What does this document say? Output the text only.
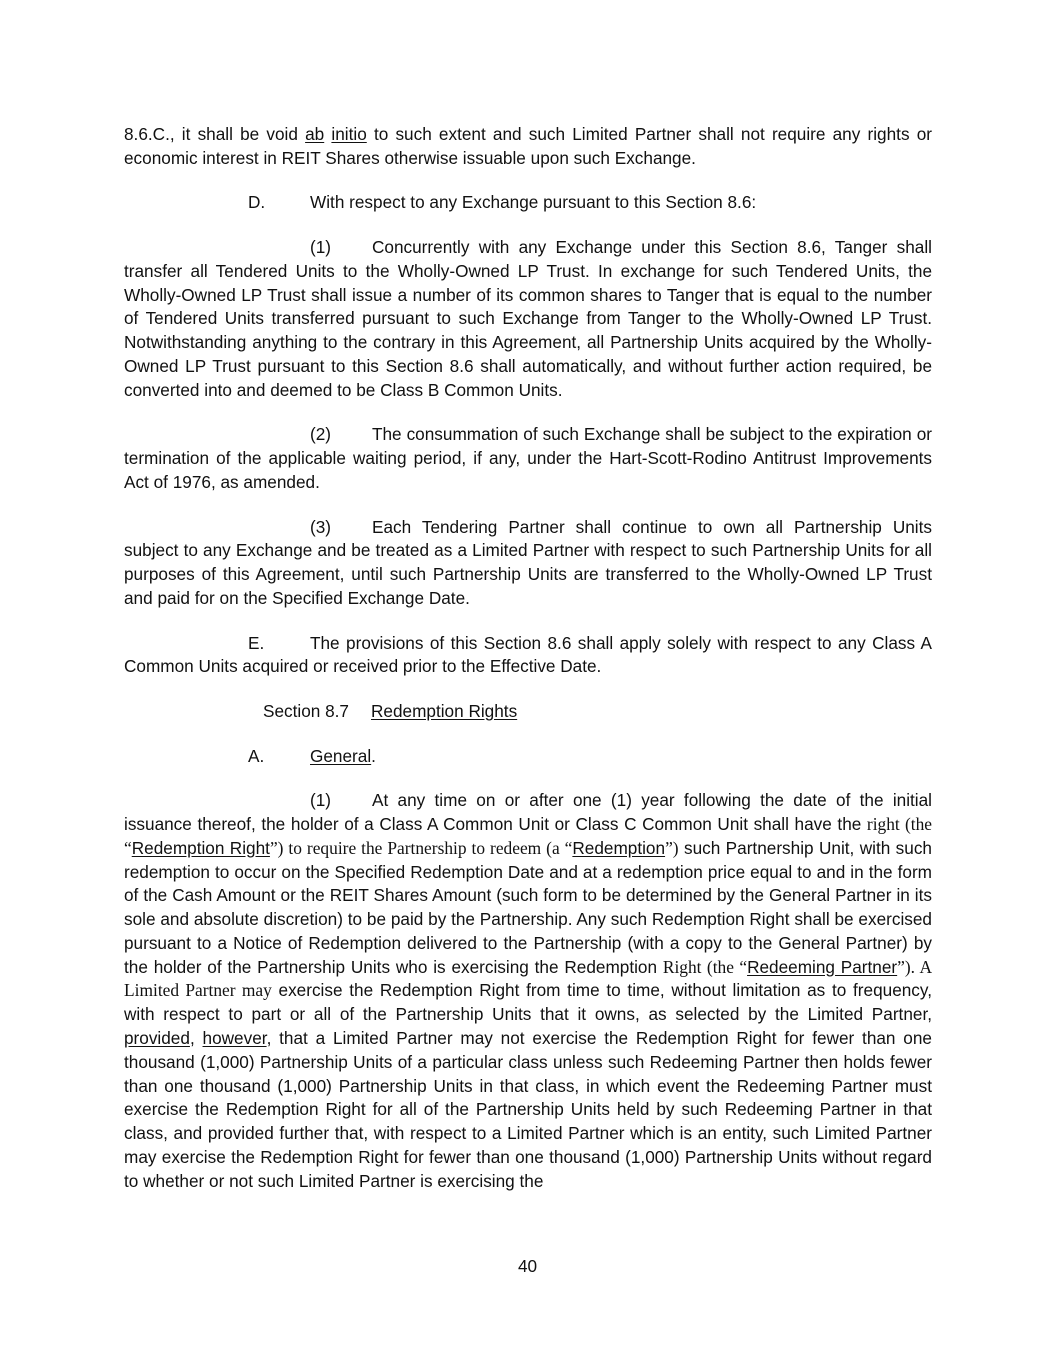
8.6.C., it shall be void ab initio to such extent and such Limited Partner shall not require any rights or economic interest in REIT Shares otherwise issuable upon such Exchange.

D.	With respect to any Exchange pursuant to this Section 8.6:

(1) Concurrently with any Exchange under this Section 8.6, Tanger shall transfer all Tendered Units to the Wholly-Owned LP Trust. In exchange for such Tendered Units, the Wholly-Owned LP Trust shall issue a number of its common shares to Tanger that is equal to the number of Tendered Units transferred pursuant to such Exchange from Tanger to the Wholly-Owned LP Trust. Notwithstanding anything to the contrary in this Agreement, all Partnership Units acquired by the Wholly-Owned LP Trust pursuant to this Section 8.6 shall automatically, and without further action required, be converted into and deemed to be Class B Common Units.

(2) The consummation of such Exchange shall be subject to the expiration or termination of the applicable waiting period, if any, under the Hart-Scott-Rodino Antitrust Improvements Act of 1976, as amended.

(3) Each Tendering Partner shall continue to own all Partnership Units subject to any Exchange and be treated as a Limited Partner with respect to such Partnership Units for all purposes of this Agreement, until such Partnership Units are transferred to the Wholly-Owned LP Trust and paid for on the Specified Exchange Date.

E.	The provisions of this Section 8.6 shall apply solely with respect to any Class A Common Units acquired or received prior to the Effective Date.

Section 8.7 Redemption Rights

A.	General.

(1) At any time on or after one (1) year following the date of the initial issuance thereof, the holder of a Class A Common Unit or Class C Common Unit shall have the right (the “Redemption Right”) to require the Partnership to redeem (a “Redemption”) such Partnership Unit, with such redemption to occur on the Specified Redemption Date and at a redemption price equal to and in the form of the Cash Amount or the REIT Shares Amount (such form to be determined by the General Partner in its sole and absolute discretion) to be paid by the Partnership. Any such Redemption Right shall be exercised pursuant to a Notice of Redemption delivered to the Partnership (with a copy to the General Partner) by the holder of the Partnership Units who is exercising the Redemption Right (the “Redeeming Partner”). A Limited Partner may exercise the Redemption Right from time to time, without limitation as to frequency, with respect to part or all of the Partnership Units that it owns, as selected by the Limited Partner, provided, however, that a Limited Partner may not exercise the Redemption Right for fewer than one thousand (1,000) Partnership Units of a particular class unless such Redeeming Partner then holds fewer than one thousand (1,000) Partnership Units in that class, in which event the Redeeming Partner must exercise the Redemption Right for all of the Partnership Units held by such Redeeming Partner in that class, and provided further that, with respect to a Limited Partner which is an entity, such Limited Partner may exercise the Redemption Right for fewer than one thousand (1,000) Partnership Units without regard to whether or not such Limited Partner is exercising the

40
